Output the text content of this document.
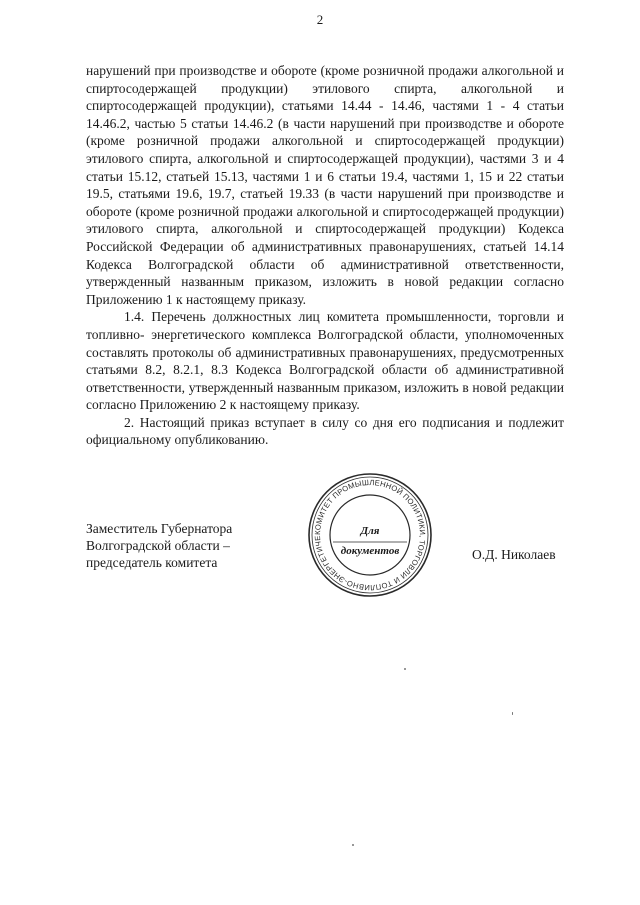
2

нарушений при производстве и обороте (кроме розничной продажи алкогольной и спиртосодержащей продукции) этилового спирта, алкогольной и спиртосодержащей продукции), статьями 14.44 - 14.46, частями 1 - 4 статьи 14.46.2, частью 5 статьи 14.46.2 (в части нарушений при производстве и обороте (кроме розничной продажи алкогольной и спиртосодержащей продукции) этилового спирта, алкогольной и спиртосодержащей продукции), частями 3 и 4 статьи 15.12, статьей 15.13, частями 1 и 6 статьи 19.4, частями 1, 15 и 22 статьи 19.5, статьями 19.6, 19.7, статьей 19.33 (в части нарушений при производстве и обороте (кроме розничной продажи алкогольной и спиртосодержащей продукции) этилового спирта, алкогольной и спиртосодержащей продукции) Кодекса Российской Федерации об административных правонарушениях, статьей 14.14 Кодекса Волгоградской области об административной ответственности, утвержденный названным приказом, изложить в новой редакции согласно Приложению 1 к настоящему приказу.

1.4. Перечень должностных лиц комитета промышленности, торговли и топливно- энергетического комплекса Волгоградской области, уполномоченных составлять протоколы об административных правонарушениях, предусмотренных статьями 8.2, 8.2.1, 8.3 Кодекса Волгоградской области об административной ответственности, утвержденный названным приказом, изложить в новой редакции согласно Приложению 2 к настоящему приказу.

2. Настоящий приказ вступает в силу со дня его подписания и подлежит официальному опубликованию.

Заместитель Губернатора
Волгоградской области –
председатель комитета
КОМИТЕТ ПРОМЫШЛЕННОЙ ПОЛИТИКИ, ТОРГОВЛИ И ТОПЛИВНО-ЭНЕРГЕТИЧЕ
Для
документов	О.Д. Николаев
